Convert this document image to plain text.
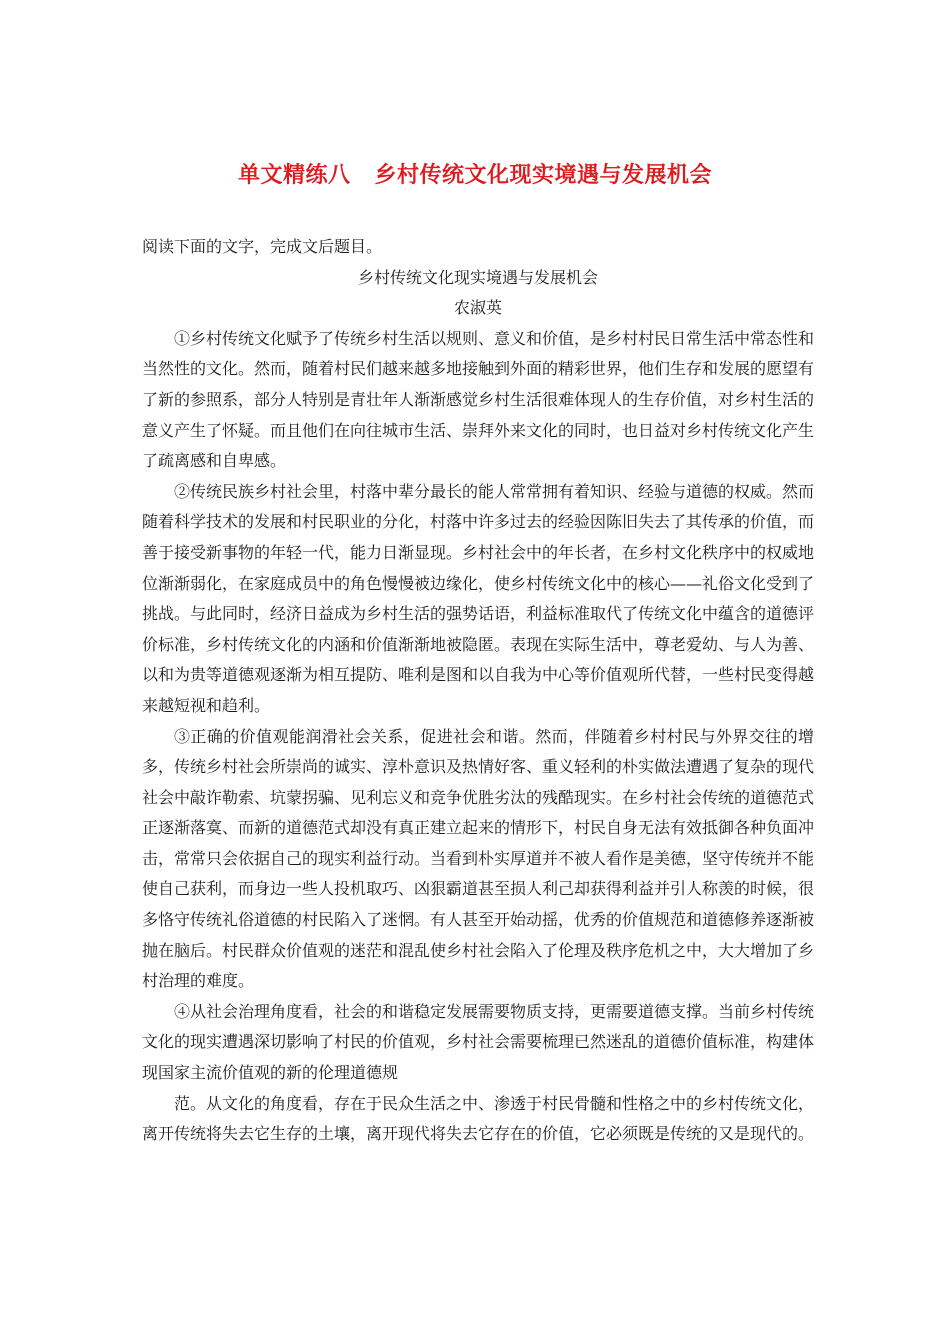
单文精练八 乡村传统文化现实境遇与发展机会

阅读下面的文字，完成文后题目。

乡村传统文化现实境遇与发展机会

农淑英

①乡村传统文化赋予了传统乡村生活以规则、意义和价值，是乡村村民日常生活中常态性和当然性的文化。然而，随着村民们越来越多地接触到外面的精彩世界，他们生存和发展的愿望有了新的参照系，部分人特别是青壮年人渐渐感觉乡村生活很难体现人的生存价值，对乡村生活的意义产生了怀疑。而且他们在向往城市生活、崇拜外来文化的同时，也日益对乡村传统文化产生了疏离感和自卑感。

②传统民族乡村社会里，村落中辈分最长的能人常常拥有着知识、经验与道德的权威。然而随着科学技术的发展和村民职业的分化，村落中许多过去的经验因陈旧失去了其传承的价值，而善于接受新事物的年轻一代，能力日渐显现。乡村社会中的年长者，在乡村文化秩序中的权威地位渐渐弱化，在家庭成员中的角色慢慢被边缘化，使乡村传统文化中的核心——礼俗文化受到了挑战。与此同时，经济日益成为乡村生活的强势话语，利益标准取代了传统文化中蕴含的道德评价标准，乡村传统文化的内涵和价值渐渐地被隐匿。表现在实际生活中，尊老爱幼、与人为善、以和为贵等道德观逐渐为相互提防、唯利是图和以自我为中心等价值观所代替，一些村民变得越来越短视和趋利。

③正确的价值观能润滑社会关系，促进社会和谐。然而，伴随着乡村村民与外界交往的增多，传统乡村社会所崇尚的诚实、淳朴意识及热情好客、重义轻利的朴实做法遭遇了复杂的现代社会中敲诈勒索、坑蒙拐骗、见利忘义和竞争优胜劣汰的残酷现实。在乡村社会传统的道德范式正逐渐落寞、而新的道德范式却没有真正建立起来的情形下，村民自身无法有效抵御各种负面冲击，常常只会依据自己的现实利益行动。当看到朴实厚道并不被人看作是美德，坚守传统并不能使自己获利，而身边一些人投机取巧、凶狠霸道甚至损人利己却获得利益并引人称羡的时候，很多恪守传统礼俗道德的村民陷入了迷惘。有人甚至开始动摇，优秀的价值规范和道德修养逐渐被抛在脑后。村民群众价值观的迷茫和混乱使乡村社会陷入了伦理及秩序危机之中，大大增加了乡村治理的难度。

④从社会治理角度看，社会的和谐稳定发展需要物质支持，更需要道德支撑。当前乡村传统文化的现实遭遇深切影响了村民的价值观，乡村社会需要梳理已然迷乱的道德价值标准，构建体现国家主流价值观的新的伦理道德规

范。从文化的角度看，存在于民众生活之中、渗透于村民骨髓和性格之中的乡村传统文化，离开传统将失去它生存的土壤，离开现代将失去它存在的价值，它必须既是传统的又是现代的。
